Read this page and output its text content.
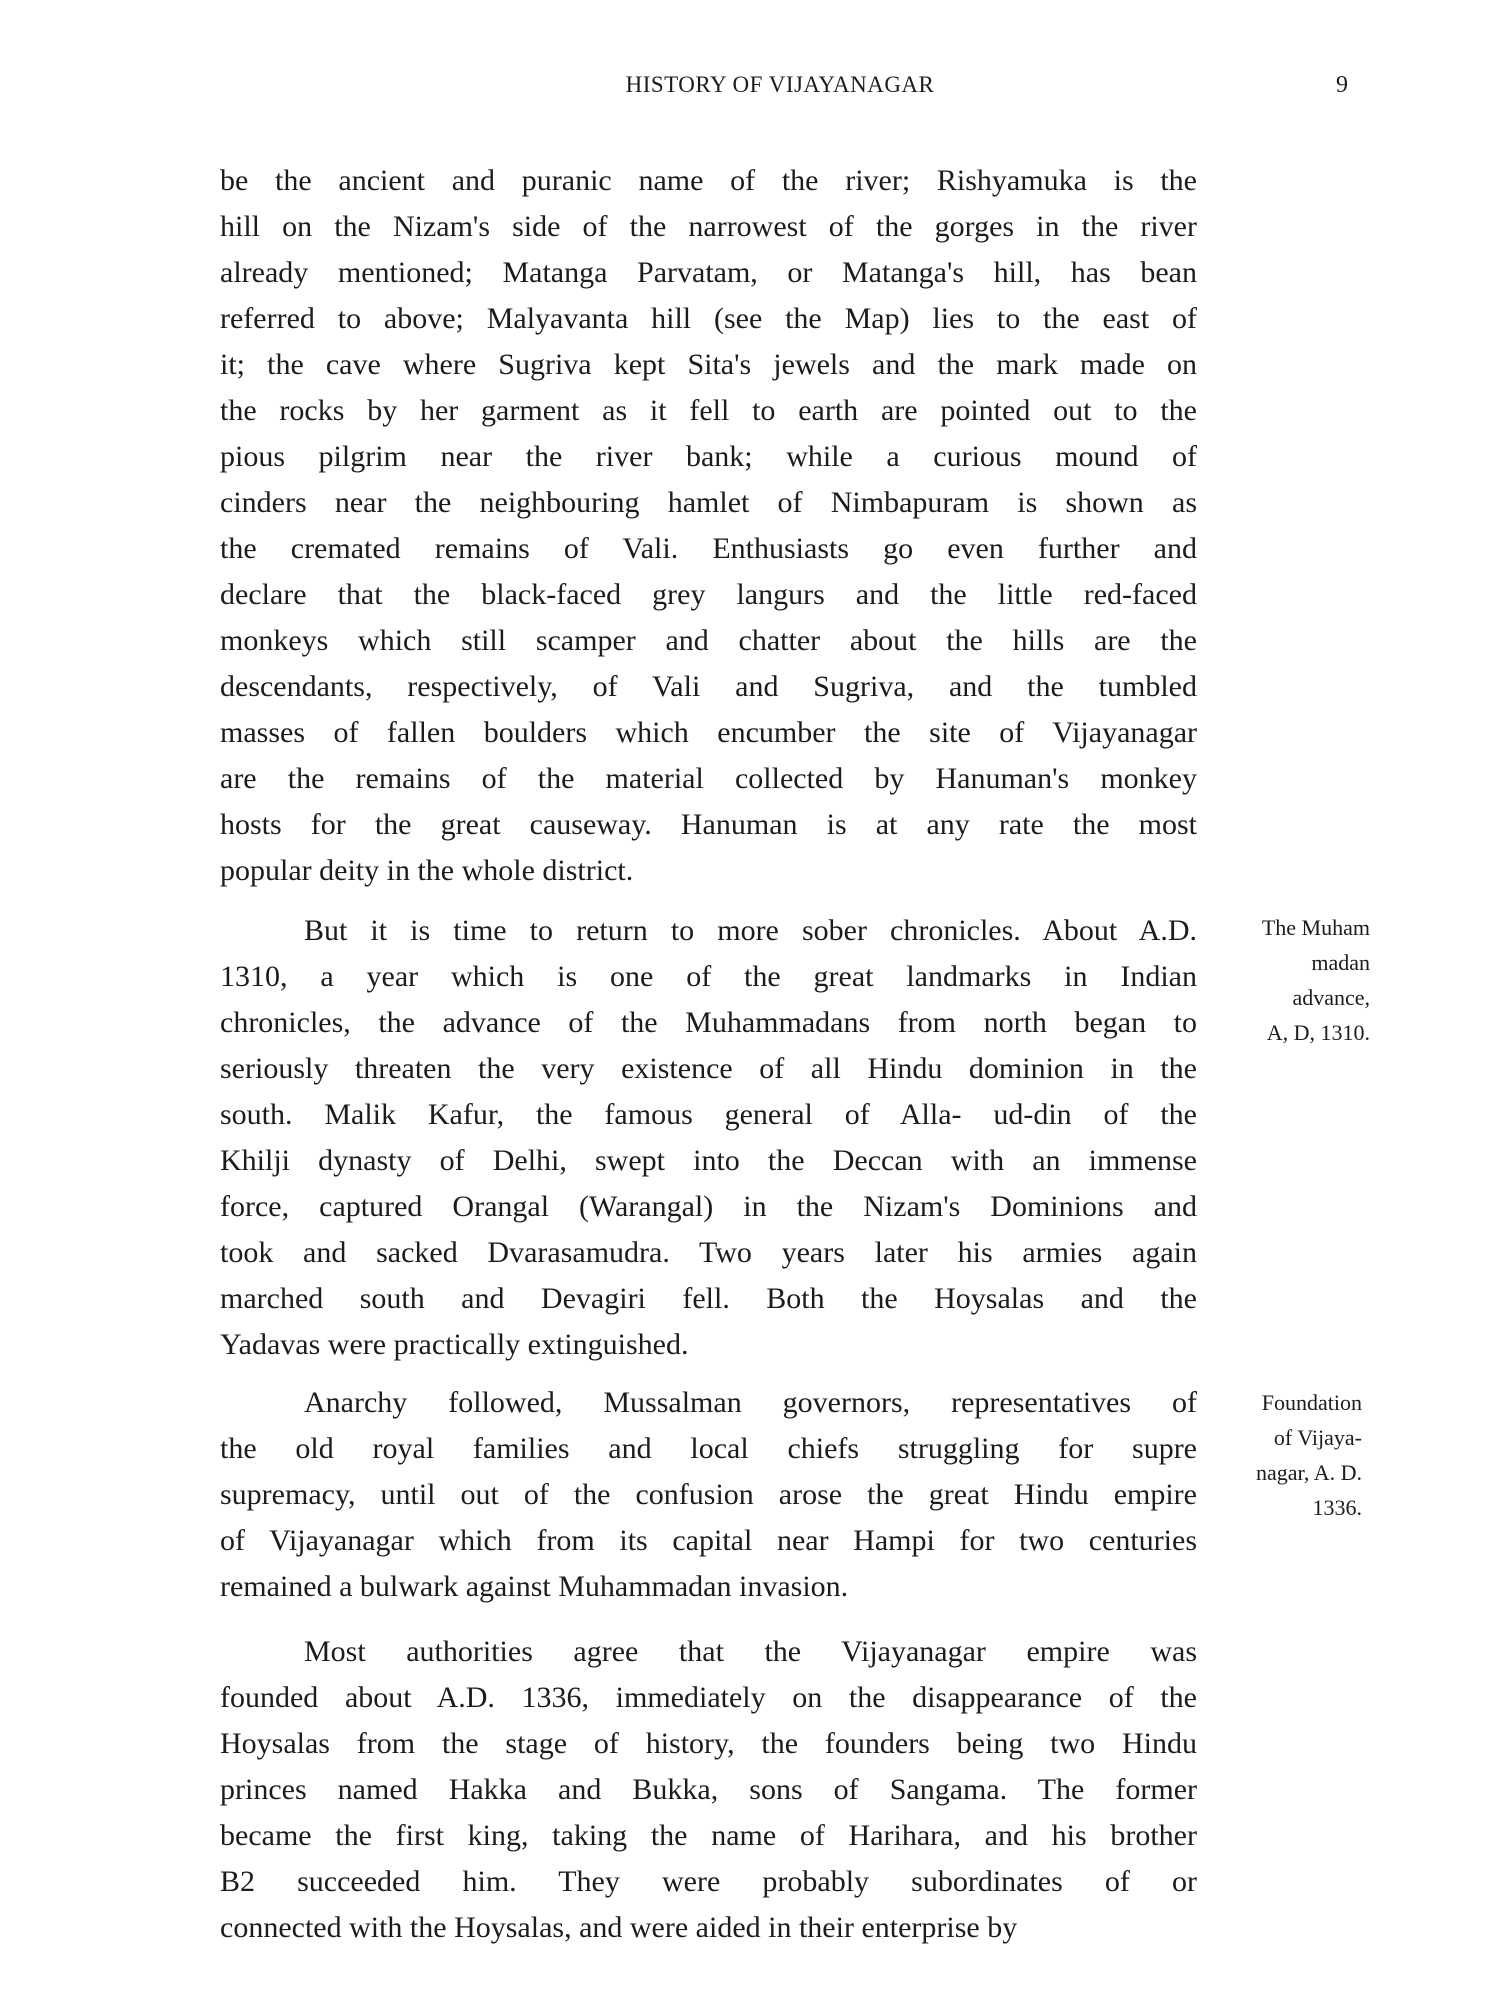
HISTORY OF VIJAYANAGAR	9
be the ancient and puranic name of the river; Rishyamuka is the
hill on the Nizam's side of the narrowest of the gorges in the river
already mentioned; Matanga Parvatam, or Matanga's hill, has bean
referred to above; Malyavanta hill (see the Map) lies to the east of
it; the cave where Sugriva kept Sita's jewels and the mark made on
the rocks by her garment as it fell to earth are pointed out to the
pious pilgrim near the river bank; while a curious mound of
cinders near the neighbouring hamlet of Nimbapuram is shown as
the cremated remains of Vali. Enthusiasts go even further and
declare that the black-faced grey langurs and the little red-faced
monkeys which still scamper and chatter about the hills are the
descendants, respectively, of Vali and Sugriva, and the tumbled
masses of fallen boulders which encumber the site of Vijayanagar
are the remains of the material collected by Hanuman's monkey
hosts for the great causeway. Hanuman is at any rate the most
popular deity in the whole district.
But it is time to return to more sober chronicles. About A.D.
1310, a year which is one of the great landmarks in Indian
chronicles, the advance of the Muhammadans from north began to
seriously threaten the very existence of all Hindu dominion in the
south. Malik Kafur, the famous general of Alla- ud-din of the
Khilji dynasty of Delhi, swept into the Deccan with an immense
force, captured Orangal (Warangal) in the Nizam's Dominions and
took and sacked Dvarasamudra. Two years later his armies again
marched south and Devagiri fell. Both the Hoysalas and the
Yadavas were practically extinguished.
Anarchy followed, Mussalman governors, representatives of
the old royal families and local chiefs struggling for supre
supremacy, until out of the confusion arose the great Hindu empire
of Vijayanagar which from its capital near Hampi for two centuries
remained a bulwark against Muhammadan invasion.
Most authorities agree that the Vijayanagar empire was
founded about A.D. 1336, immediately on the disappearance of the
Hoysalas from the stage of history, the founders being two Hindu
princes named Hakka and Bukka, sons of Sangama. The former
became the first king, taking the name of Harihara, and his brother
B2 succeeded him. They were probably subordinates of or
connected with the Hoysalas, and were aided in their enterprise by
The Muham
madan
advance,
A, D, 1310.
Foundation
of Vijaya-
nagar, A. D.
1336.
